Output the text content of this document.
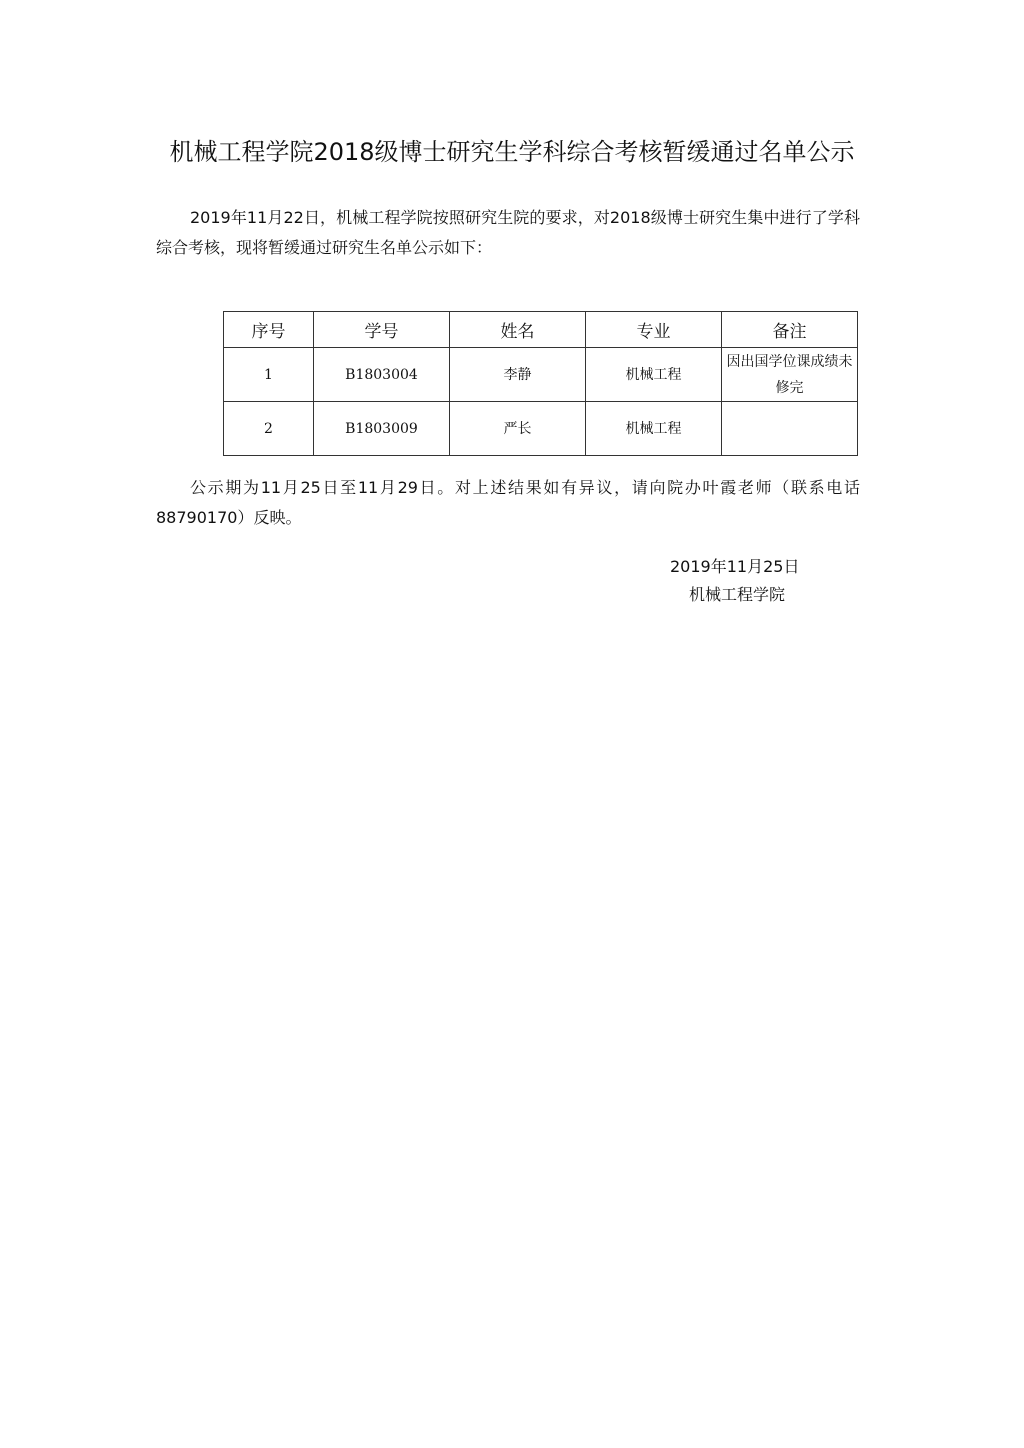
机械工程学院2018级博士研究生学科综合考核暂缓通过名单公示

2019年11月22日，机械工程学院按照研究生院的要求，对2018级博士研究生集中进行了学科综合考核，现将暂缓通过研究生名单公示如下：

序号	学号	姓名	专业	备注
1	B1803004	李静	机械工程	因出国学位课成绩未修完
2	B1803009	严长	机械工程	

公示期为11月25日至11月29日。对上述结果如有异议，请向院办叶霞老师（联系电话88790170）反映。

2019年11月25日
机械工程学院
